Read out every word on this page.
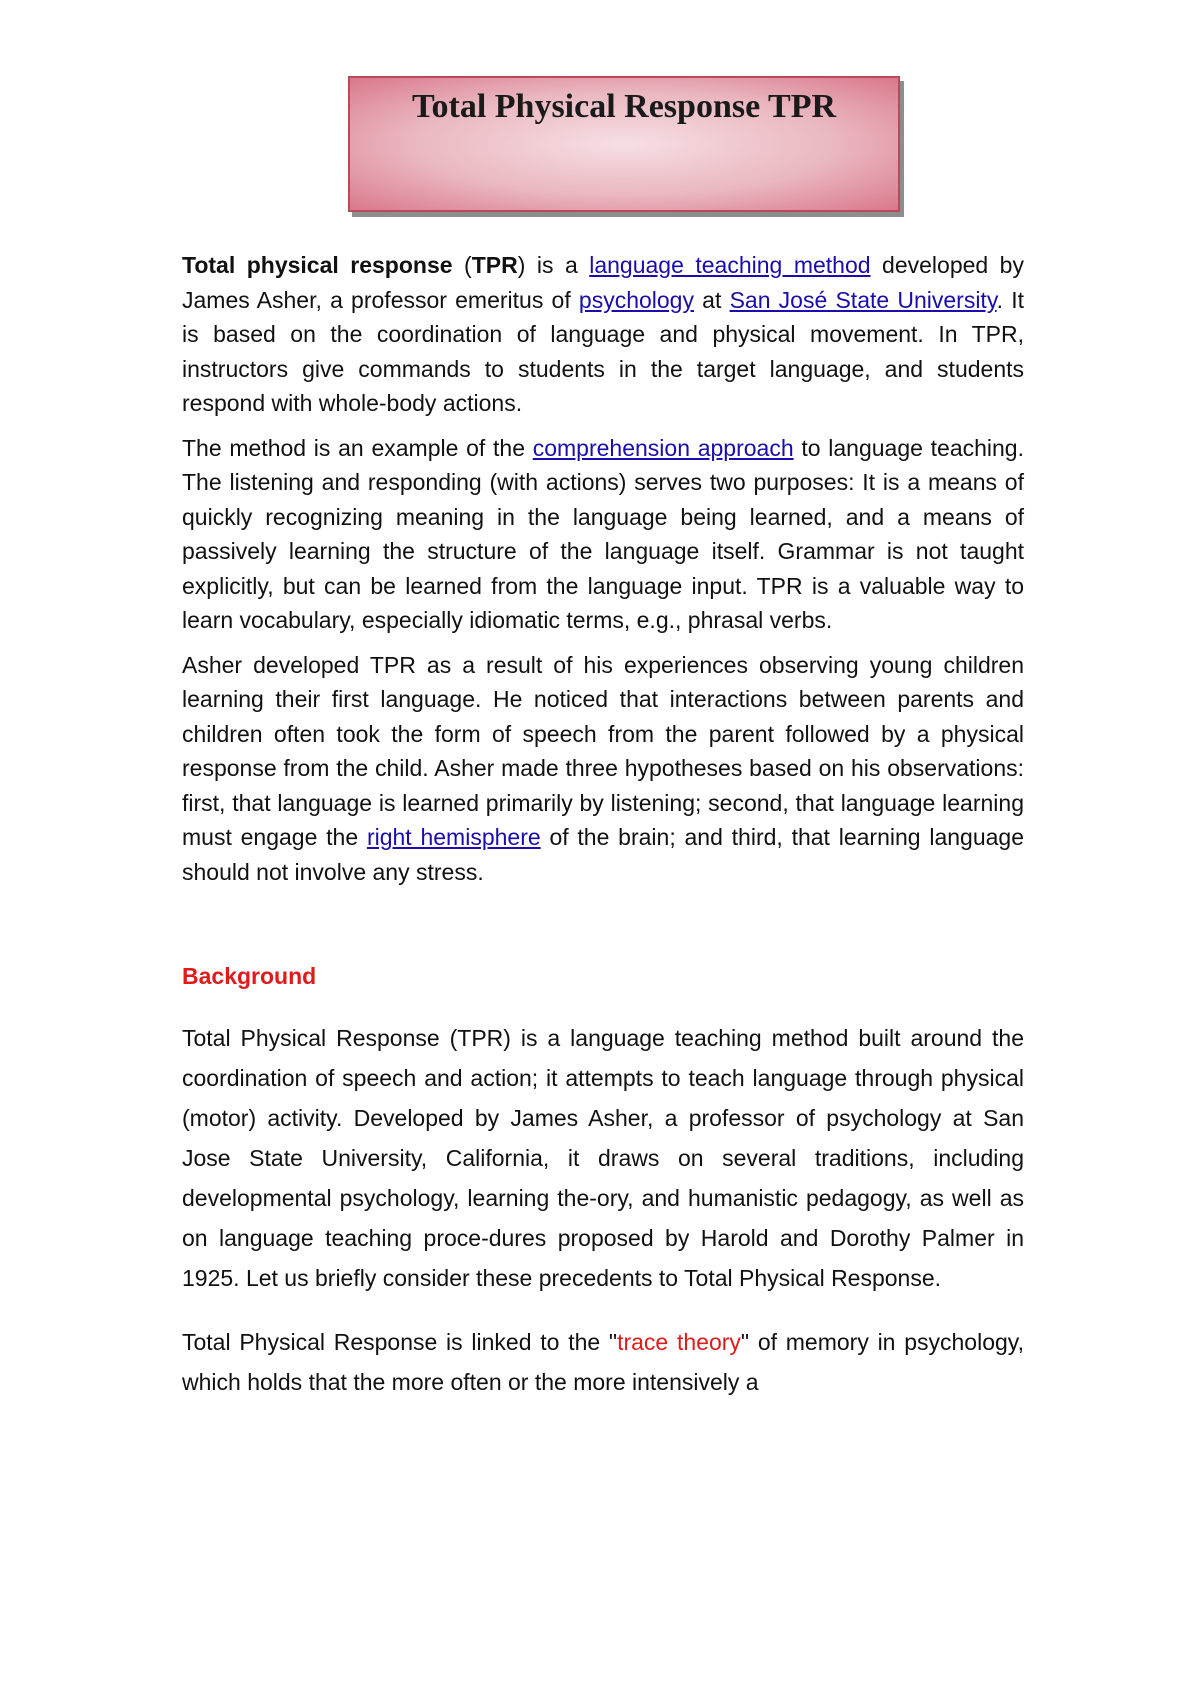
Total Physical Response TPR

Total physical response (TPR) is a language teaching method developed by James Asher, a professor emeritus of psychology at San José State University. It is based on the coordination of language and physical movement. In TPR, instructors give commands to students in the target language, and students respond with whole-body actions.

The method is an example of the comprehension approach to language teaching. The listening and responding (with actions) serves two purposes: It is a means of quickly recognizing meaning in the language being learned, and a means of passively learning the structure of the language itself. Grammar is not taught explicitly, but can be learned from the language input. TPR is a valuable way to learn vocabulary, especially idiomatic terms, e.g., phrasal verbs.

Asher developed TPR as a result of his experiences observing young children learning their first language. He noticed that interactions between parents and children often took the form of speech from the parent followed by a physical response from the child. Asher made three hypotheses based on his observations: first, that language is learned primarily by listening; second, that language learning must engage the right hemisphere of the brain; and third, that learning language should not involve any stress.

Background

Total Physical Response (TPR) is a language teaching method built around the coordination of speech and action; it attempts to teach language through physical (motor) activity. Developed by James Asher, a professor of psychology at San Jose State University, California, it draws on several traditions, including developmental psychology, learning the-ory, and humanistic pedagogy, as well as on language teaching proce-dures proposed by Harold and Dorothy Palmer in 1925. Let us briefly consider these precedents to Total Physical Response.

Total Physical Response is linked to the "trace theory" of memory in psychology, which holds that the more often or the more intensively a
